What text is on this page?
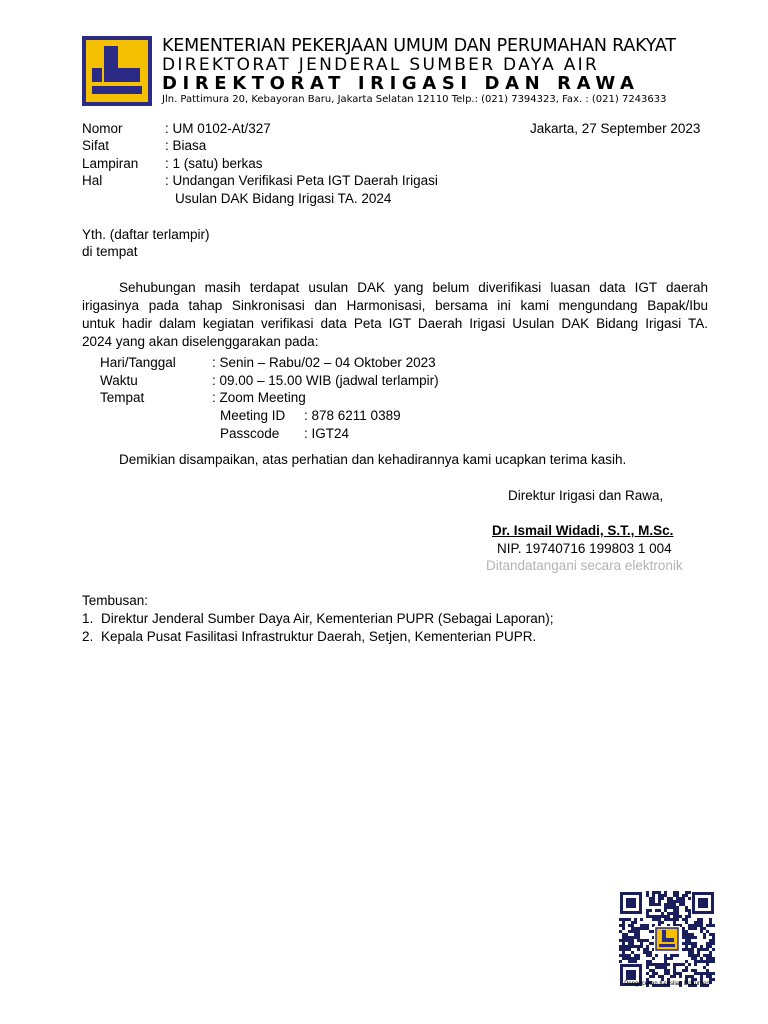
KEMENTERIAN PEKERJAAN UMUM DAN PERUMAHAN RAKYAT
DIREKTORAT JENDERAL SUMBER DAYA AIR
DIREKTORAT IRIGASI DAN RAWA
Jln. Pattimura 20, Kebayoran Baru, Jakarta Selatan 12110 Telp.: (021) 7394323, Fax. : (021) 7243633
Nomor	: UM 0102-At/327	Jakarta, 27 September 2023
Sifat	: Biasa
Lampiran : 1 (satu) berkas
Hal	: Undangan Verifikasi Peta IGT Daerah Irigasi
Usulan DAK Bidang Irigasi TA. 2024
Yth. (daftar terlampir)
di tempat
Sehubungan masih terdapat usulan DAK yang belum diverifikasi luasan data IGT daerah
irigasinya pada tahap Sinkronisasi dan Harmonisasi, bersama ini kami mengundang Bapak/Ibu
untuk hadir dalam kegiatan verifikasi data Peta IGT Daerah Irigasi Usulan DAK Bidang Irigasi TA.
2024 yang akan diselenggarakan pada:
Hari/Tanggal	: Senin – Rabu/02 – 04 Oktober 2023
Waktu	: 09.00 – 15.00 WIB (jadwal terlampir)
Tempat	: Zoom Meeting
Meeting ID : 878 6211 0389
Passcode : IGT24
Demikian disampaikan, atas perhatian dan kehadirannya kami ucapkan terima kasih.
Direktur Irigasi dan Rawa,
Dr. Ismail Widadi, S.T., M.Sc.
NIP. 19740716 199803 1 004
Ditandatangani secara elektronik
Tembusan:
1. Direktur Jenderal Sumber Daya Air, Kementerian PUPR (Sebagai Laporan);
2. Kepala Pusat Fasilitasi Infrastruktur Daerah, Setjen, Kementerian PUPR.
Pengecekan Keaslian Dokumen
